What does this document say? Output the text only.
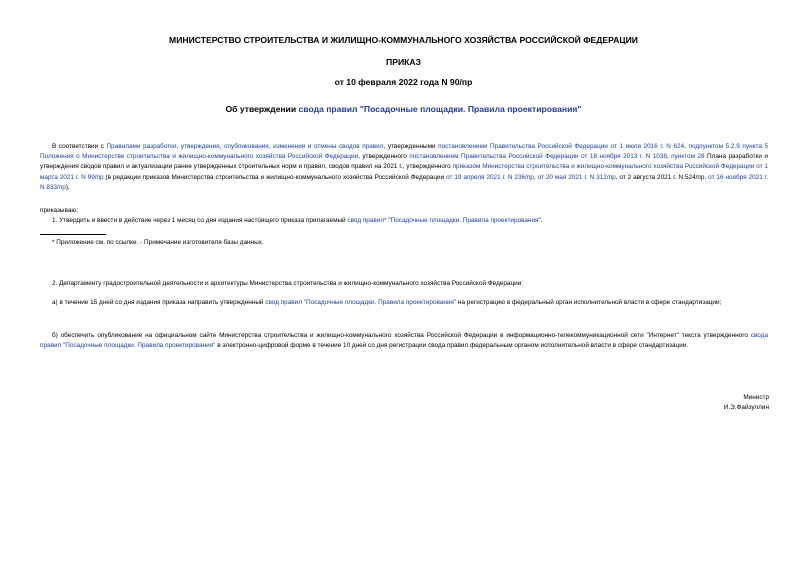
МИНИСТЕРСТВО СТРОИТЕЛЬСТВА И ЖИЛИЩНО-КОММУНАЛЬНОГО ХОЗЯЙСТВА РОССИЙСКОЙ ФЕДЕРАЦИИ
ПРИКАЗ
от 10 февраля 2022 года N 90/пр
Об утверждении свода правил "Посадочные площадки. Правила проектирования"
В соответствии с Правилами разработки, утверждения, опубликования, изменения и отмены сводов правил, утвержденными постановлением Правительства Российской Федерации от 1 июля 2016 г. N 624, подпунктом 5.2.9 пункта 5 Положения о Министерстве строительства и жилищно-коммунального хозяйства Российской Федерации, утвержденного постановлением Правительства Российской Федерации от 18 ноября 2013 г. N 1038, пунктом 28 Плана разработки и утверждения сводов правил и актуализации ранее утвержденных строительных норм и правил, сводов правил на 2021 г., утвержденного приказом Министерства строительства и жилищно-коммунального хозяйства Российской Федерации от 1 марта 2021 г. N 99/пр (в редакции приказов Министерства строительства и жилищно-коммунального хозяйства Российской Федерации от 19 апреля 2021 г. N 236/пр, от 20 мая 2021 г. N 312/пр, от 2 августа 2021 г. N 524/пр, от 16 ноября 2021 г. N 833/пр),
приказываю:
1. Утвердить и ввести в действие через 1 месяц со дня издания настоящего приказа прилагаемый свод правил* "Посадочные площадки. Правила проектирования".
* Приложение см. по ссылке. - Примечание изготовителя базы данных.
2. Департаменту градостроительной деятельности и архитектуры Министерства строительства и жилищно-коммунального хозяйства Российской Федерации:
а) в течение 15 дней со дня издания приказа направить утвержденный свод правил "Посадочные площадки. Правила проектирования" на регистрацию в федеральный орган исполнительной власти в сфере стандартизации;
б) обеспечить опубликование на официальном сайте Министерства строительства и жилищно-коммунального хозяйства Российской Федерации в информационно-телекоммуникационной сети "Интернет" текста утвержденного свода правил "Посадочные площадки. Правила проектирования" в электронно-цифровой форме в течение 10 дней со дня регистрации свода правил федеральным органом исполнительной власти в сфере стандартизации.
Министр
И.Э.Файзуллин
